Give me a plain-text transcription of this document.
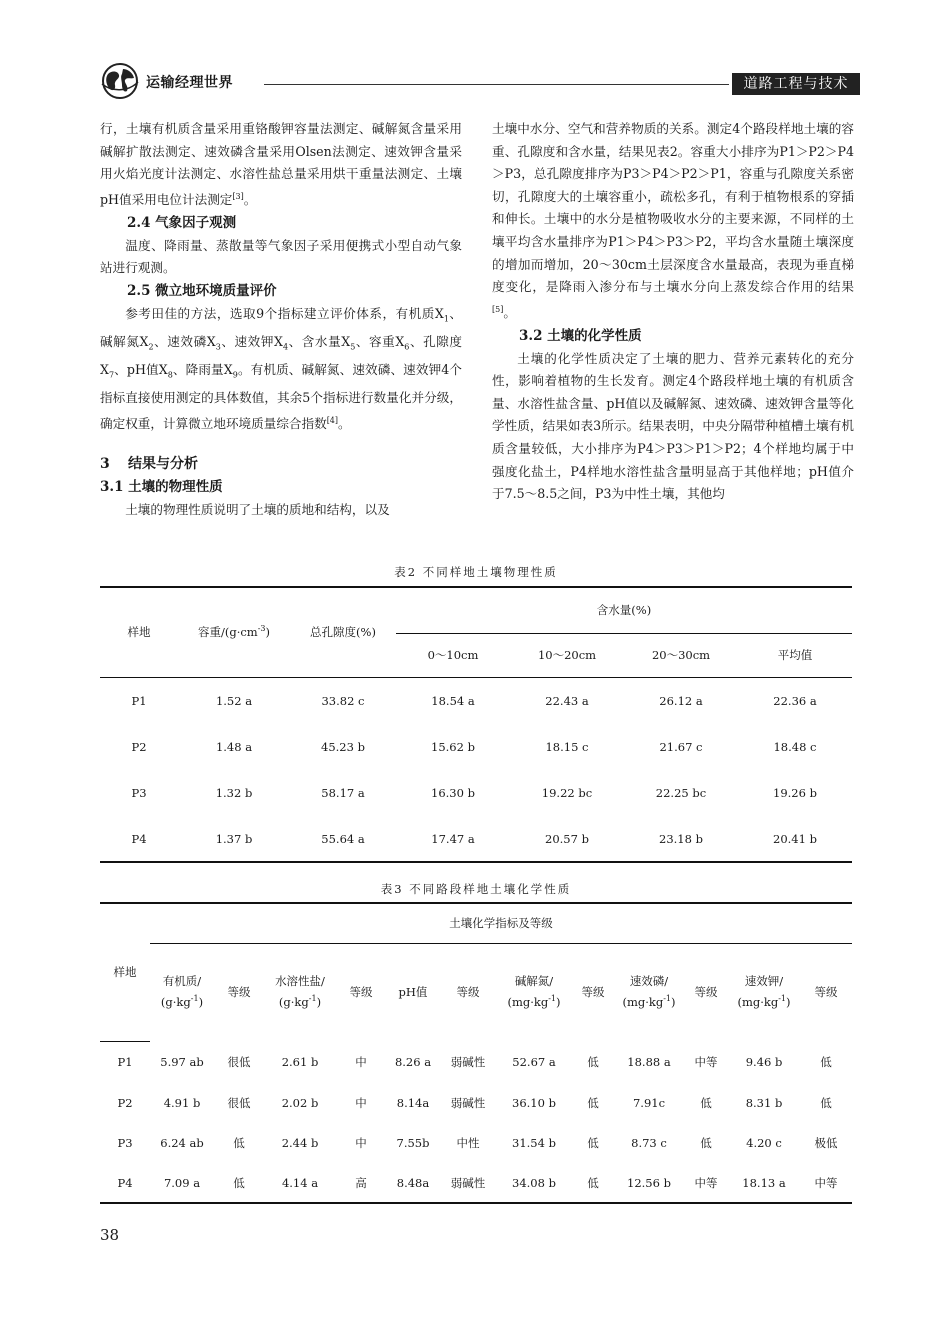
运输经理世界	道路工程与技术

行，土壤有机质含量采用重铬酸钾容量法测定、碱解氮含量采用碱解扩散法测定、速效磷含量采用Olsen法测定、速效钾含量采用火焰光度计法测定、水溶性盐总量采用烘干重量法测定、土壤pH值采用电位计法测定[3]。

2.4 气象因子观测

温度、降雨量、蒸散量等气象因子采用便携式小型自动气象站进行观测。

2.5 微立地环境质量评价

参考田佳的方法，选取9个指标建立评价体系，有机质$X_1$、碱解氮$X_2$、速效磷$X_3$、速效钾$X_4$、含水量$X_5$、容重$X_6$、孔隙度$X_7$、pH值$X_8$、降雨量$X_9$。有机质、碱解氮、速效磷、速效钾4个指标直接使用测定的具体数值，其余5个指标进行数量化并分级，确定权重，计算微立地环境质量综合指数[4]。

3 结果与分析
3.1 土壤的物理性质

土壤的物理性质说明了土壤的质地和结构，以及

土壤中水分、空气和营养物质的关系。测定4个路段样地土壤的容重、孔隙度和含水量，结果见表2。容重大小排序为P1＞P2＞P4＞P3，总孔隙度排序为P3＞P4＞P2＞P1，容重与孔隙度关系密切，孔隙度大的土壤容重小，疏松多孔，有利于植物根系的穿插和伸长。土壤中的水分是植物吸收水分的主要来源，不同样的土壤平均含水量排序为P1＞P4＞P3＞P2，平均含水量随土壤深度的增加而增加，20～30cm土层深度含水量最高，表现为垂直梯度变化，是降雨入渗分布与土壤水分向上蒸发综合作用的结果[5]。

3.2 土壤的化学性质

土壤的化学性质决定了土壤的肥力、营养元素转化的充分性，影响着植物的生长发育。测定4个路段样地土壤的有机质含量、水溶性盐含量、pH值以及碱解氮、速效磷、速效钾含量等化学性质，结果如表3所示。结果表明，中央分隔带种植槽土壤有机质含量较低，大小排序为P4＞P3＞P1＞P2；4个样地均属于中强度化盐土，P4样地水溶性盐含量明显高于其他样地；pH值介于7.5～8.5之间，P3为中性土壤，其他均

表2 不同样地土壤物理性质
样地	容重$/(g\cdot cm^{-3})$	总孔隙度(%)	含水量(%)			
			0～10cm	10～20cm	20～30cm	平均值
P1	1.52 a	33.82 c	18.54 a	22.43 a	26.12 a	22.36 a
P2	1.48 a	45.23 b	15.62 b	18.15 c	21.67 c	18.48 c
P3	1.32 b	58.17 a	16.30 b	19.22 bc	22.25 bc	19.26 b
P4	1.37 b	55.64 a	17.47 a	20.57 b	23.18 b	20.41 b
表3 不同路段样地土壤化学性质
样地	土壤化学指标及等级											
	有机质/
$(g\cdot kg^{-1})$	等级	水溶性盐/
$(g\cdot kg^{-1})$	等级	pH值	等级	碱解氮/
$(mg\cdot kg^{-1})$	等级	速效磷/
$(mg\cdot kg^{-1})$	等级	速效钾/
$(mg\cdot kg^{-1})$	等级
P1	5.97 ab	很低	2.61 b	中	8.26 a	弱碱性	52.67 a	低	18.88 a	中等	9.46 b	低
P2	4.91 b	很低	2.02 b	中	8.14a	弱碱性	36.10 b	低	7.91c	低	8.31 b	低
P3	6.24 ab	低	2.44 b	中	7.55b	中性	31.54 b	低	8.73 c	低	4.20 c	极低
P4	7.09 a	低	4.14 a	高	8.48a	弱碱性	34.08 b	低	12.56 b	中等	18.13 a	中等
38
